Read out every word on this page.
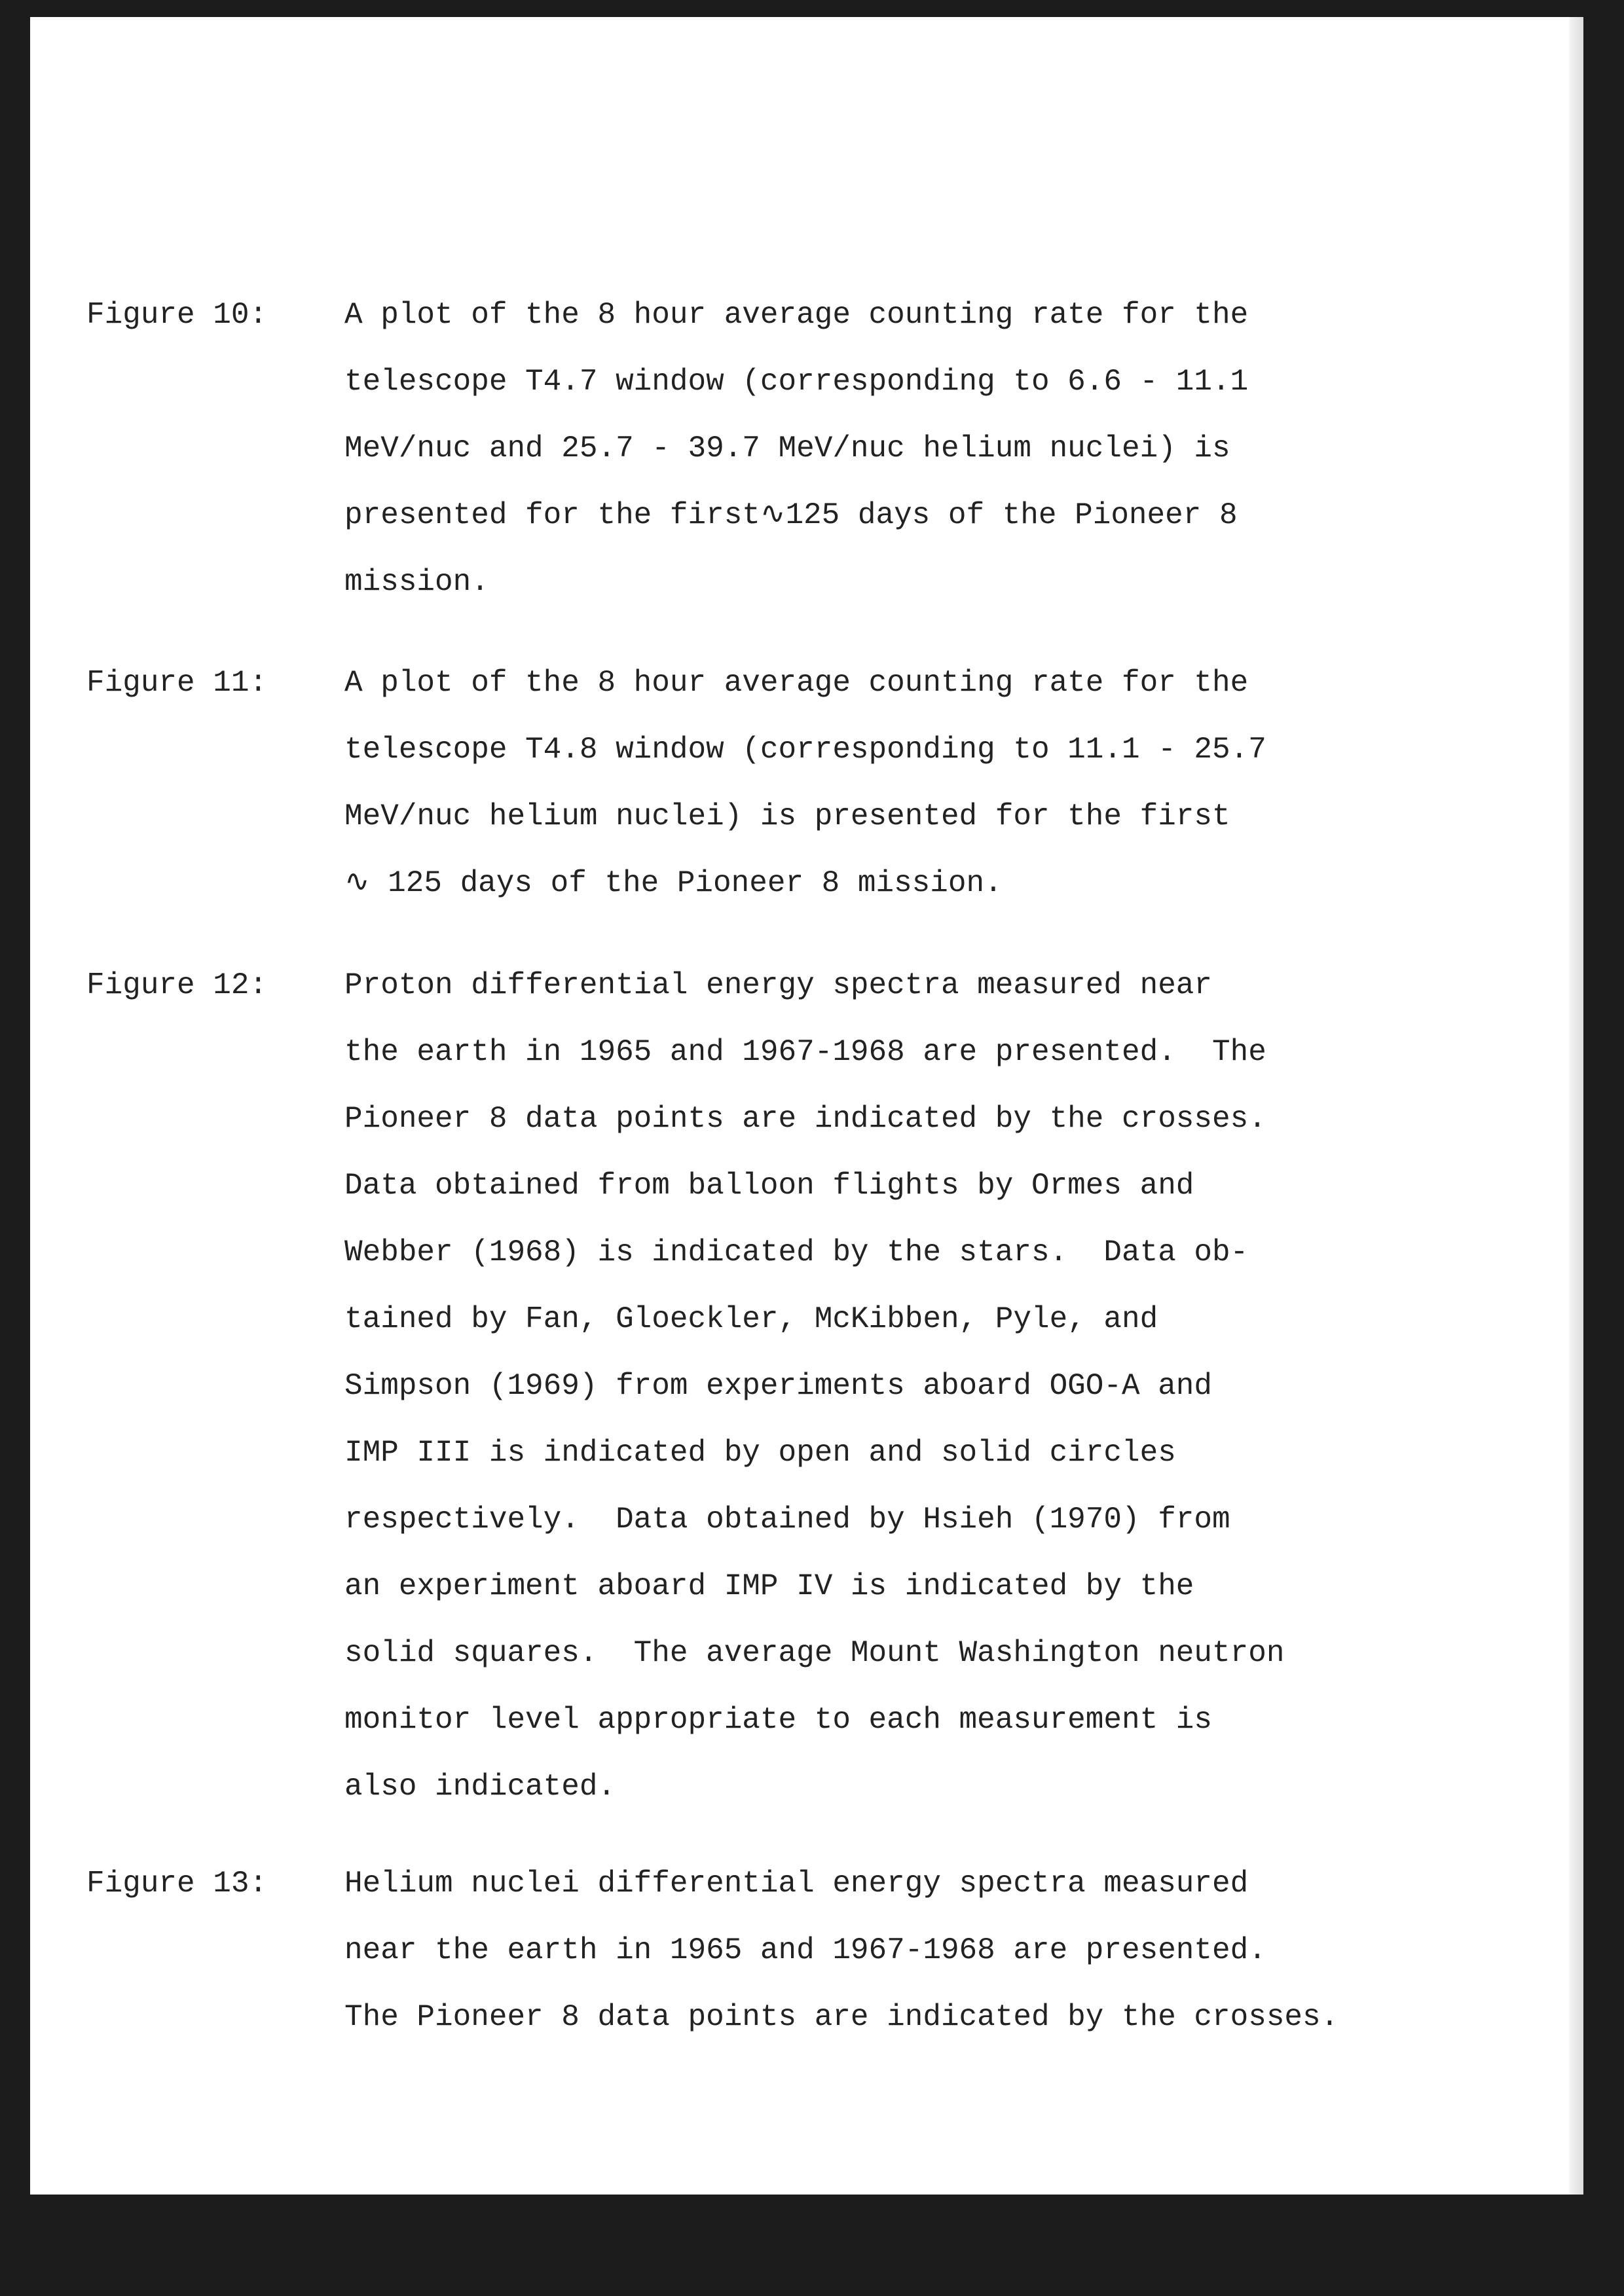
Figure 10:	A plot of the 8 hour average counting rate for the
telescope T4.7 window (corresponding to 6.6 - 11.1
MeV/nuc and 25.7 - 39.7 MeV/nuc helium nuclei) is
presented for the first∿125 days of the Pioneer 8
mission.
Figure 11:	A plot of the 8 hour average counting rate for the
telescope T4.8 window (corresponding to 11.1 - 25.7
MeV/nuc helium nuclei) is presented for the first
∿ 125 days of the Pioneer 8 mission.
Figure 12:	Proton differential energy spectra measured near
the earth in 1965 and 1967-1968 are presented.  The
Pioneer 8 data points are indicated by the crosses.
Data obtained from balloon flights by Ormes and
Webber (1968) is indicated by the stars.  Data ob-
tained by Fan, Gloeckler, McKibben, Pyle, and
Simpson (1969) from experiments aboard OGO-A and
IMP III is indicated by open and solid circles
respectively.  Data obtained by Hsieh (1970) from
an experiment aboard IMP IV is indicated by the
solid squares.  The average Mount Washington neutron
monitor level appropriate to each measurement is
also indicated.
Figure 13:	Helium nuclei differential energy spectra measured
near the earth in 1965 and 1967-1968 are presented.
The Pioneer 8 data points are indicated by the crosses.
